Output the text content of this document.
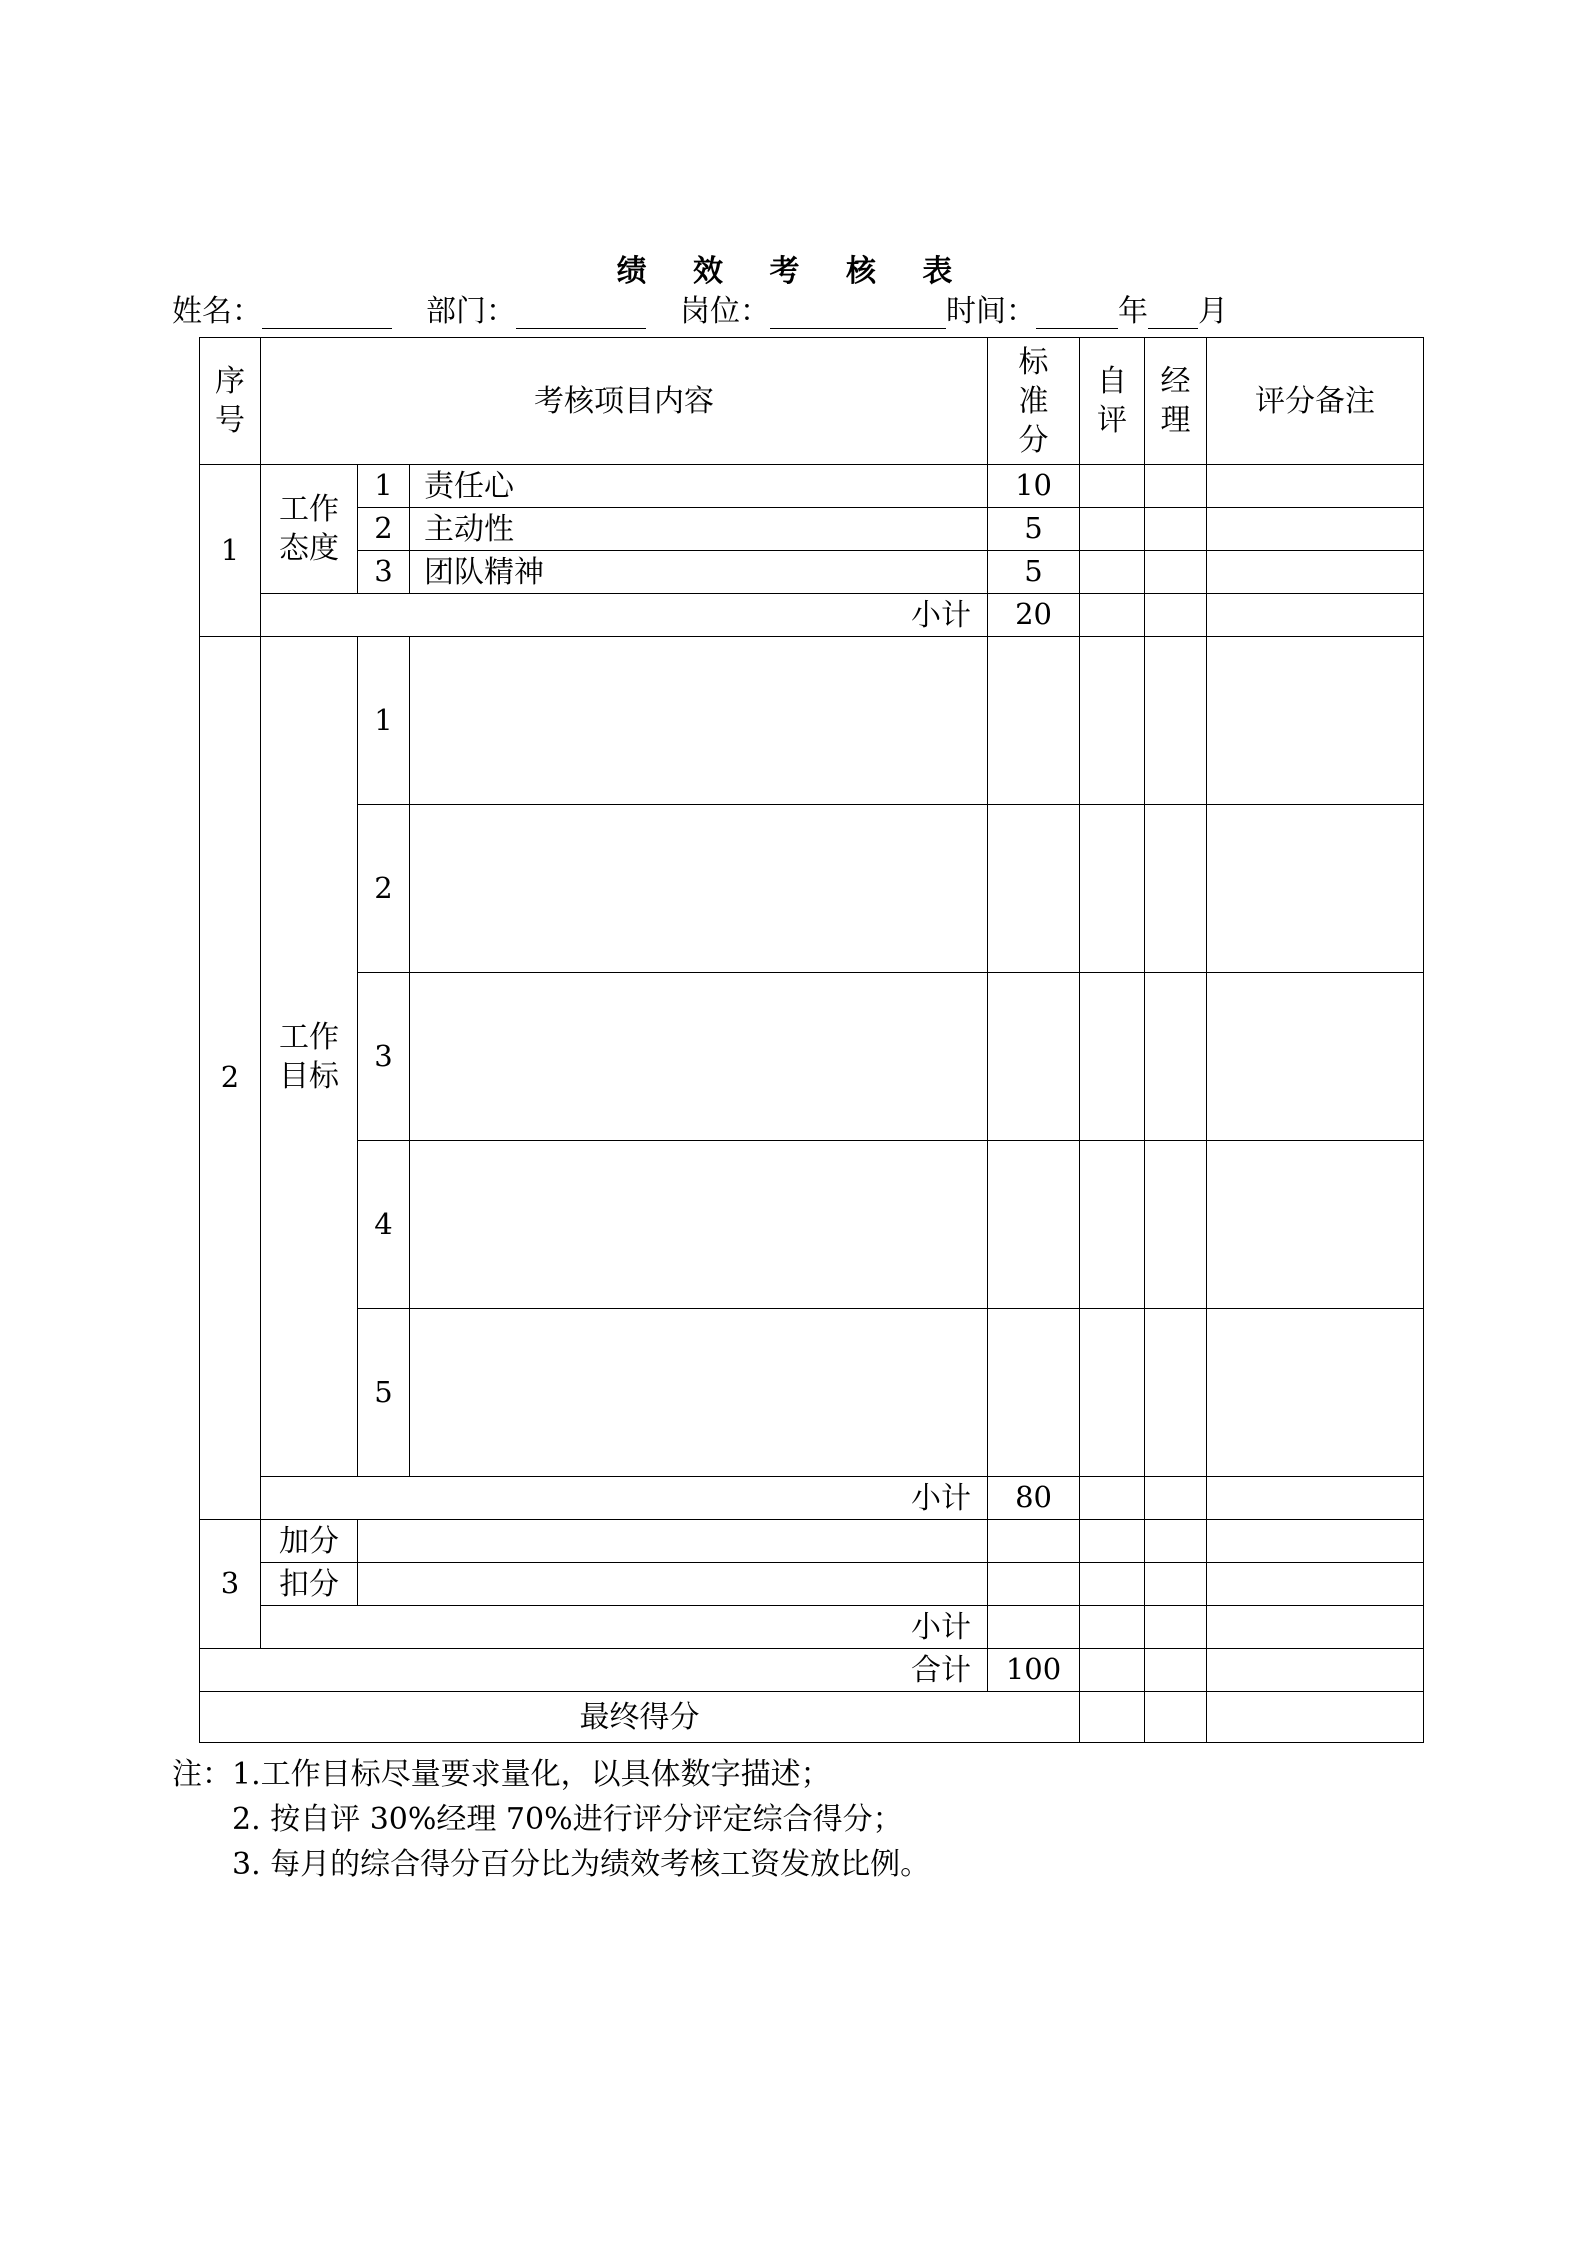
绩 效 考 核 表
姓名：	部门：	岗位：	时间：	年 月
序号	考核项目内容			标准分	自评	经理	评分备注
1	工作态度	1	责任心	10			
		2	主动性	5			
		3	团队精神	5			
	小计			20			
2	工作目标	1					
		2					
		3					
		4					
		5					
	小计			80			
3	加分						
	扣分						
	小计						
合计				100			
最终得分							
注：1.工作目标尽量要求量化，以具体数字描述；
2. 按自评 30%经理 70%进行评分评定综合得分；
3. 每月的综合得分百分比为绩效考核工资发放比例。
